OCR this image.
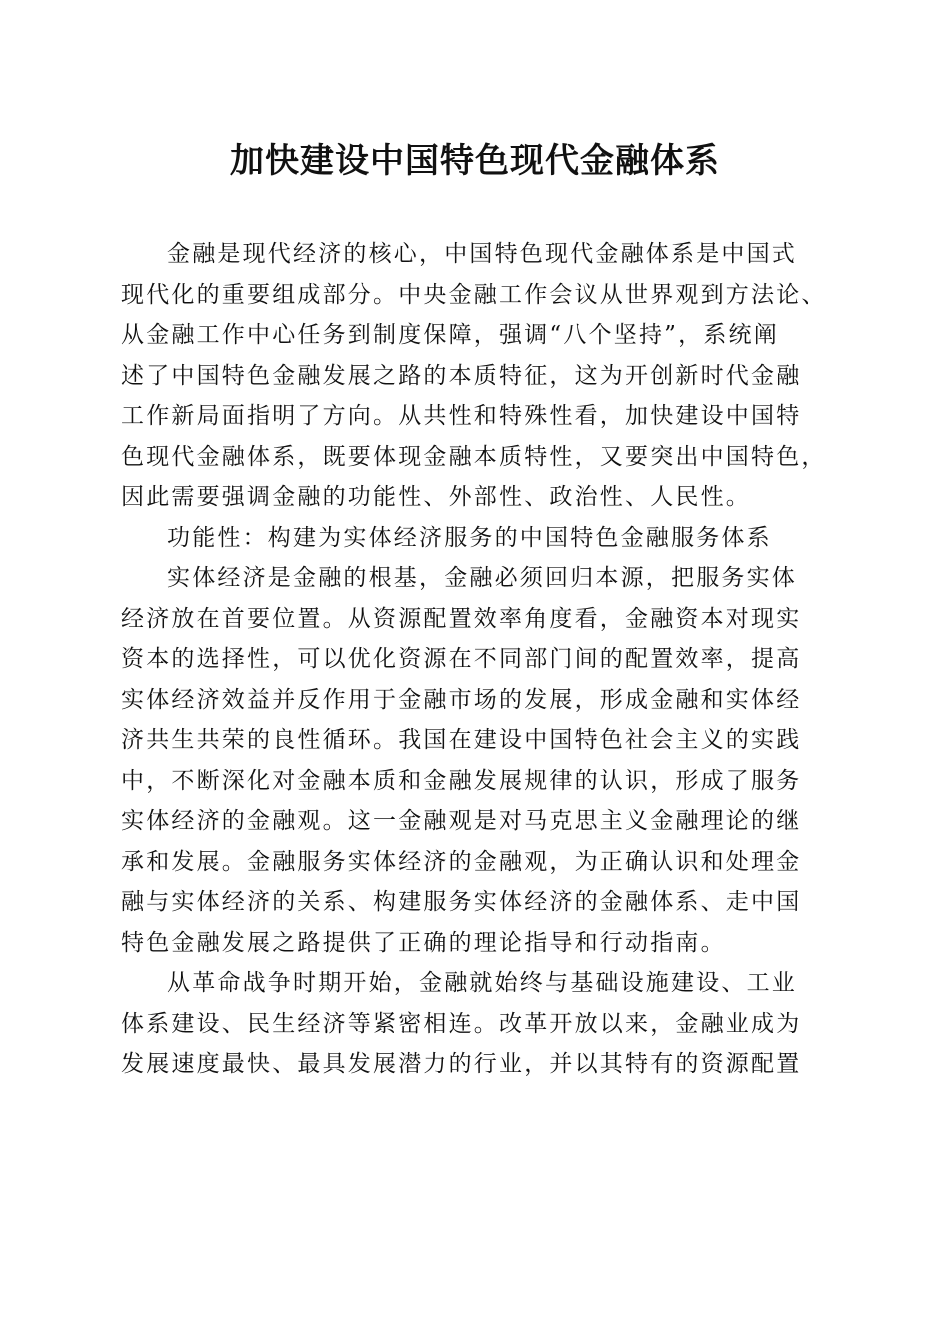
加快建设中国特色现代金融体系

金融是现代经济的核心，中国特色现代金融体系是中国式
现代化的重要组成部分。中央金融工作会议从世界观到方法论、
从金融工作中心任务到制度保障，强调“八个坚持”，系统阐
述了中国特色金融发展之路的本质特征，这为开创新时代金融
工作新局面指明了方向。从共性和特殊性看，加快建设中国特
色现代金融体系，既要体现金融本质特性，又要突出中国特色，
因此需要强调金融的功能性、外部性、政治性、人民性。

功能性：构建为实体经济服务的中国特色金融服务体系

实体经济是金融的根基，金融必须回归本源，把服务实体
经济放在首要位置。从资源配置效率角度看，金融资本对现实
资本的选择性，可以优化资源在不同部门间的配置效率，提高
实体经济效益并反作用于金融市场的发展，形成金融和实体经
济共生共荣的良性循环。我国在建设中国特色社会主义的实践
中，不断深化对金融本质和金融发展规律的认识，形成了服务
实体经济的金融观。这一金融观是对马克思主义金融理论的继
承和发展。金融服务实体经济的金融观，为正确认识和处理金
融与实体经济的关系、构建服务实体经济的金融体系、走中国
特色金融发展之路提供了正确的理论指导和行动指南。

从革命战争时期开始，金融就始终与基础设施建设、工业
体系建设、民生经济等紧密相连。改革开放以来，金融业成为
发展速度最快、最具发展潜力的行业，并以其特有的资源配置
